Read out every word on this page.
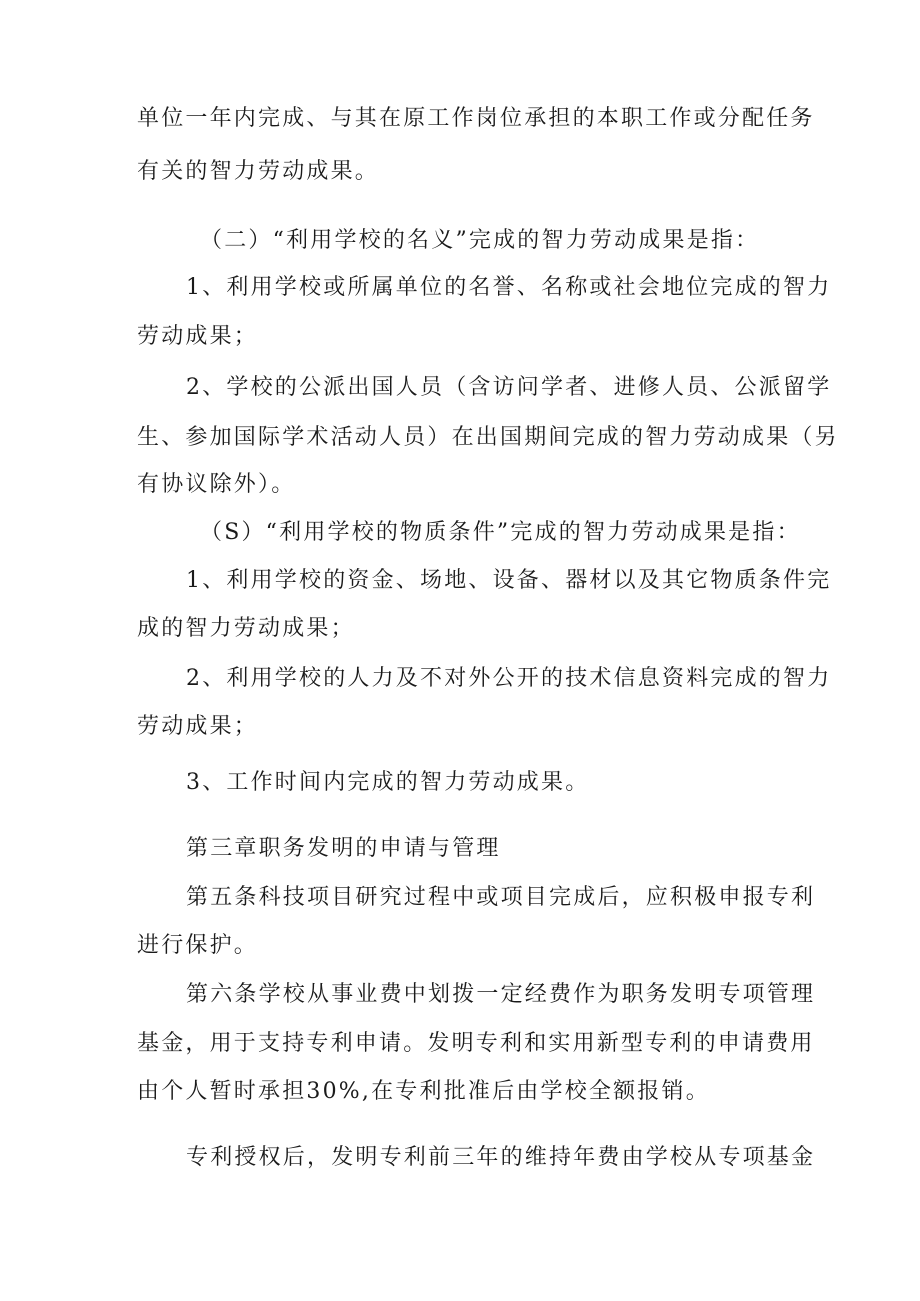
单位一年内完成、与其在原工作岗位承担的本职工作或分配任务
有关的智力劳动成果。
（二）“利用学校的名义”完成的智力劳动成果是指：
1、利用学校或所属单位的名誉、名称或社会地位完成的智力
劳动成果；
2、学校的公派出国人员（含访问学者、进修人员、公派留学
生、参加国际学术活动人员）在出国期间完成的智力劳动成果（另
有协议除外）。
（S）“利用学校的物质条件”完成的智力劳动成果是指：
1、利用学校的资金、场地、设备、器材以及其它物质条件完
成的智力劳动成果；
2、利用学校的人力及不对外公开的技术信息资料完成的智力
劳动成果；
3、工作时间内完成的智力劳动成果。
第三章职务发明的申请与管理
第五条科技项目研究过程中或项目完成后，应积极申报专利
进行保护。
第六条学校从事业费中划拨一定经费作为职务发明专项管理
基金，用于支持专利申请。发明专利和实用新型专利的申请费用
由个人暂时承担30%,在专利批准后由学校全额报销。
专利授权后，发明专利前三年的维持年费由学校从专项基金
